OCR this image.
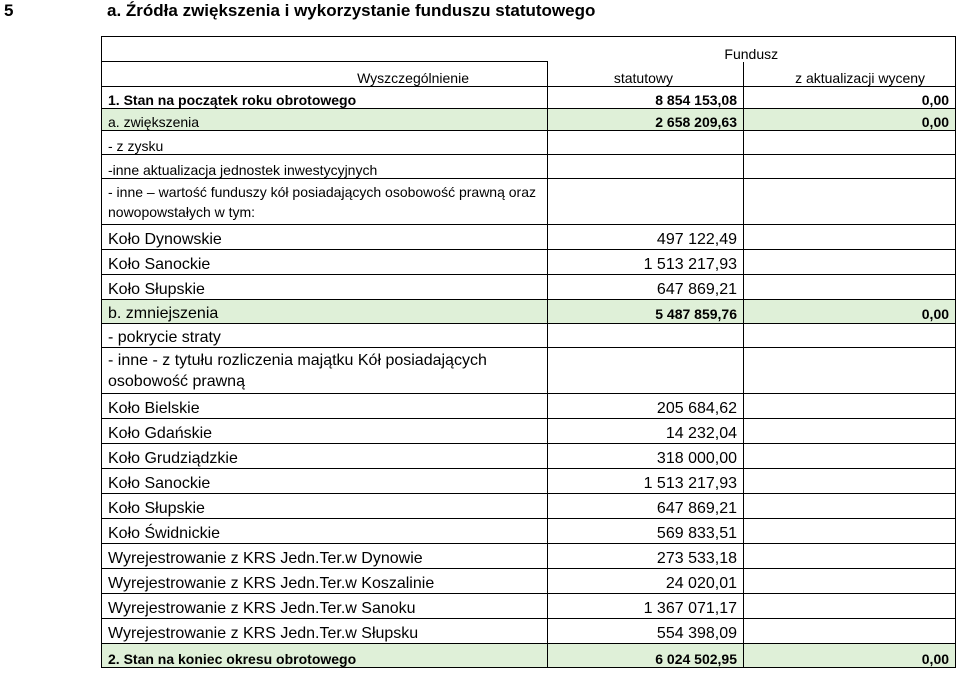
5	a. Źródła zwiększenia i wykorzystanie funduszu statutowego
	Fundusz	
Wyszczególnienie	statutowy	z aktualizacji wyceny
1. Stan na początek roku obrotowego	8 854 153,08	0,00
a. zwiększenia	2 658 209,63	0,00
- z zysku		
-inne aktualizacja jednostek inwestycyjnych		
- inne – wartość funduszy kół posiadających osobowość prawną oraz nowopowstałych w tym:		
Koło Dynowskie	497 122,49	
Koło Sanockie	1 513 217,93	
Koło Słupskie	647 869,21	
b. zmniejszenia	5 487 859,76	0,00
- pokrycie straty		
- inne - z tytułu rozliczenia majątku Kół posiadających osobowość prawną		
Koło Bielskie	205 684,62	
Koło Gdańskie	14 232,04	
Koło Grudziądzkie	318 000,00	
Koło Sanockie	1 513 217,93	
Koło Słupskie	647 869,21	
Koło Świdnickie	569 833,51	
Wyrejestrowanie z KRS Jedn.Ter.w Dynowie	273 533,18	
Wyrejestrowanie z KRS Jedn.Ter.w Koszalinie	24 020,01	
Wyrejestrowanie z KRS Jedn.Ter.w Sanoku	1 367 071,17	
Wyrejestrowanie z KRS Jedn.Ter.w Słupsku	554 398,09	
2. Stan na koniec okresu obrotowego	6 024 502,95	0,00
